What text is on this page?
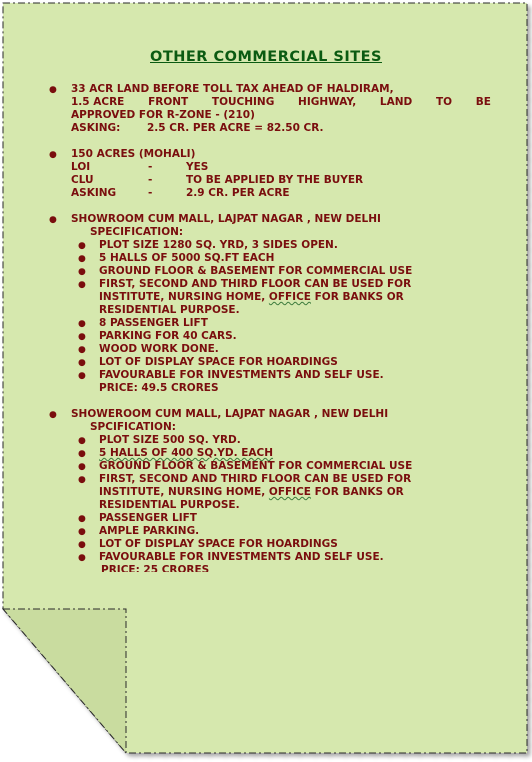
OTHER COMMERCIAL SITES
● 33 ACR LAND BEFORE TOLL TAX AHEAD OF HALDIRAM,
1.5 ACRE FRONT TOUCHING HIGHWAY, LAND TO BE
APPROVED FOR R-ZONE - (210)
ASKING:	2.5 CR. PER ACRE = 82.50 CR.
● 150 ACRES (MOHALI)
LOI	-	YES
CLU	-	TO BE APPLIED BY THE BUYER
ASKING	-	2.9 CR. PER ACRE
● SHOWROOM CUM MALL, LAJPAT NAGAR , NEW DELHI
SPECIFICATION:
● PLOT SIZE 1280 SQ. YRD, 3 SIDES OPEN.
● 5 HALLS OF 5000 SQ.FT EACH
● GROUND FLOOR & BASEMENT FOR COMMERCIAL USE
● FIRST, SECOND AND THIRD FLOOR CAN BE USED FOR
INSTITUTE, NURSING HOME, OFFICE FOR BANKS OR
RESIDENTIAL PURPOSE.
● 8 PASSENGER LIFT
● PARKING FOR 40 CARS.
● WOOD WORK DONE.
● LOT OF DISPLAY SPACE FOR HOARDINGS
● FAVOURABLE FOR INVESTMENTS AND SELF USE.
PRICE: 49.5 CRORES
● SHOWEROOM CUM MALL, LAJPAT NAGAR , NEW DELHI
SPCIFICATION:
● PLOT SIZE 500 SQ. YRD.
● 5 HALLS OF 400 SQ.YD. EACH
● GROUND FLOOR & BASEMENT FOR COMMERCIAL USE
● FIRST, SECOND AND THIRD FLOOR CAN BE USED FOR
INSTITUTE, NURSING HOME, OFFICE FOR BANKS OR
RESIDENTIAL PURPOSE.
● PASSENGER LIFT
● AMPLE PARKING.
● LOT OF DISPLAY SPACE FOR HOARDINGS
● FAVOURABLE FOR INVESTMENTS AND SELF USE.
PRICE: 25 CRORES
